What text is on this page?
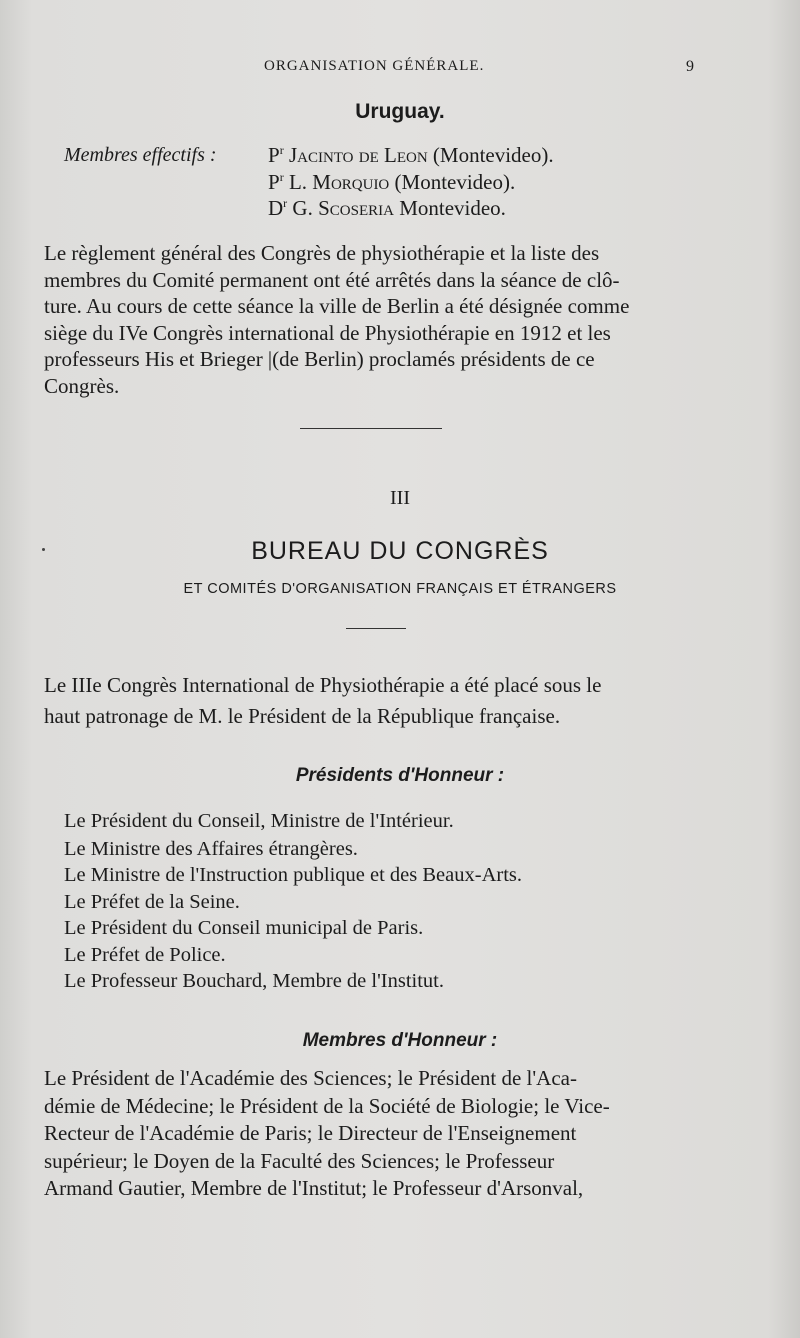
ORGANISATION GÉNÉRALE.	9
Uruguay.
Membres effectifs : $P^r$ Jacinto de Leon (Montevideo).
$P^r$ L. Morquio (Montevideo).
$D^r$ G. Scoseria Montevideo.
Le règlement général des Congrès de physiothérapie et la liste des
membres du Comité permanent ont été arrêtés dans la séance de clô-
ture. Au cours de cette séance la ville de Berlin a été désignée comme
siège du IVe Congrès international de Physiothérapie en 1912 et les
professeurs His et Brieger |(de Berlin) proclamés présidents de ce
Congrès.
III
BUREAU DU CONGRÈS
ET COMITÉS D'ORGANISATION FRANÇAIS ET ÉTRANGERS
Le IIIe Congrès International de Physiothérapie a été placé sous le
haut patronage de M. le Président de la République française.
Présidents d'Honneur :
Le Président du Conseil, Ministre de l'Intérieur.
Le Ministre des Affaires étrangères.
Le Ministre de l'Instruction publique et des Beaux-Arts.
Le Préfet de la Seine.
Le Président du Conseil municipal de Paris.
Le Préfet de Police.
Le Professeur Bouchard, Membre de l'Institut.
Membres d'Honneur :
Le Président de l'Académie des Sciences; le Président de l'Aca-
démie de Médecine; le Président de la Société de Biologie; le Vice-
Recteur de l'Académie de Paris; le Directeur de l'Enseignement
supérieur; le Doyen de la Faculté des Sciences; le Professeur
Armand Gautier, Membre de l'Institut; le Professeur d'Arsonval,
